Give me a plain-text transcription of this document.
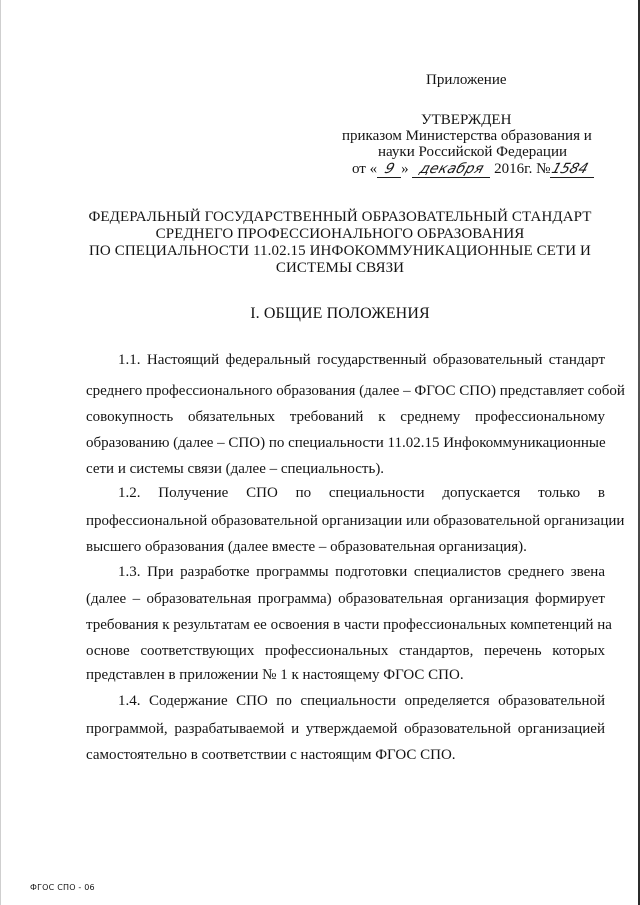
Приложение
УТВЕРЖДЕН
приказом Министерства образования и
науки Российской Федерации
от « 9 » декабря 2016г. №1584
ФЕДЕРАЛЬНЫЙ ГОСУДАРСТВЕННЫЙ ОБРАЗОВАТЕЛЬНЫЙ СТАНДАРТ
СРЕДНЕГО ПРОФЕССИОНАЛЬНОГО ОБРАЗОВАНИЯ
ПО СПЕЦИАЛЬНОСТИ 11.02.15 ИНФОКОММУНИКАЦИОННЫЕ СЕТИ И
СИСТЕМЫ СВЯЗИ
I. ОБЩИЕ ПОЛОЖЕНИЯ
1.1. Настоящий федеральный государственный образовательный стандарт
среднего профессионального образования (далее – ФГОС СПО) представляет собой
совокупность обязательных требований к среднему профессиональному
образованию (далее – СПО) по специальности 11.02.15 Инфокоммуникационные
сети и системы связи (далее – специальность).
1.2. Получение СПО по специальности допускается только в
профессиональной образовательной организации или образовательной организации
высшего образования (далее вместе – образовательная организация).
1.3. При разработке программы подготовки специалистов среднего звена
(далее – образовательная программа) образовательная организация формирует
требования к результатам ее освоения в части профессиональных компетенций на
основе соответствующих профессиональных стандартов, перечень которых
представлен в приложении № 1 к настоящему ФГОС СПО.
1.4. Содержание СПО по специальности определяется образовательной
программой, разрабатываемой и утверждаемой образовательной организацией
самостоятельно в соответствии с настоящим ФГОС СПО.
ФГОС СПО - 06
